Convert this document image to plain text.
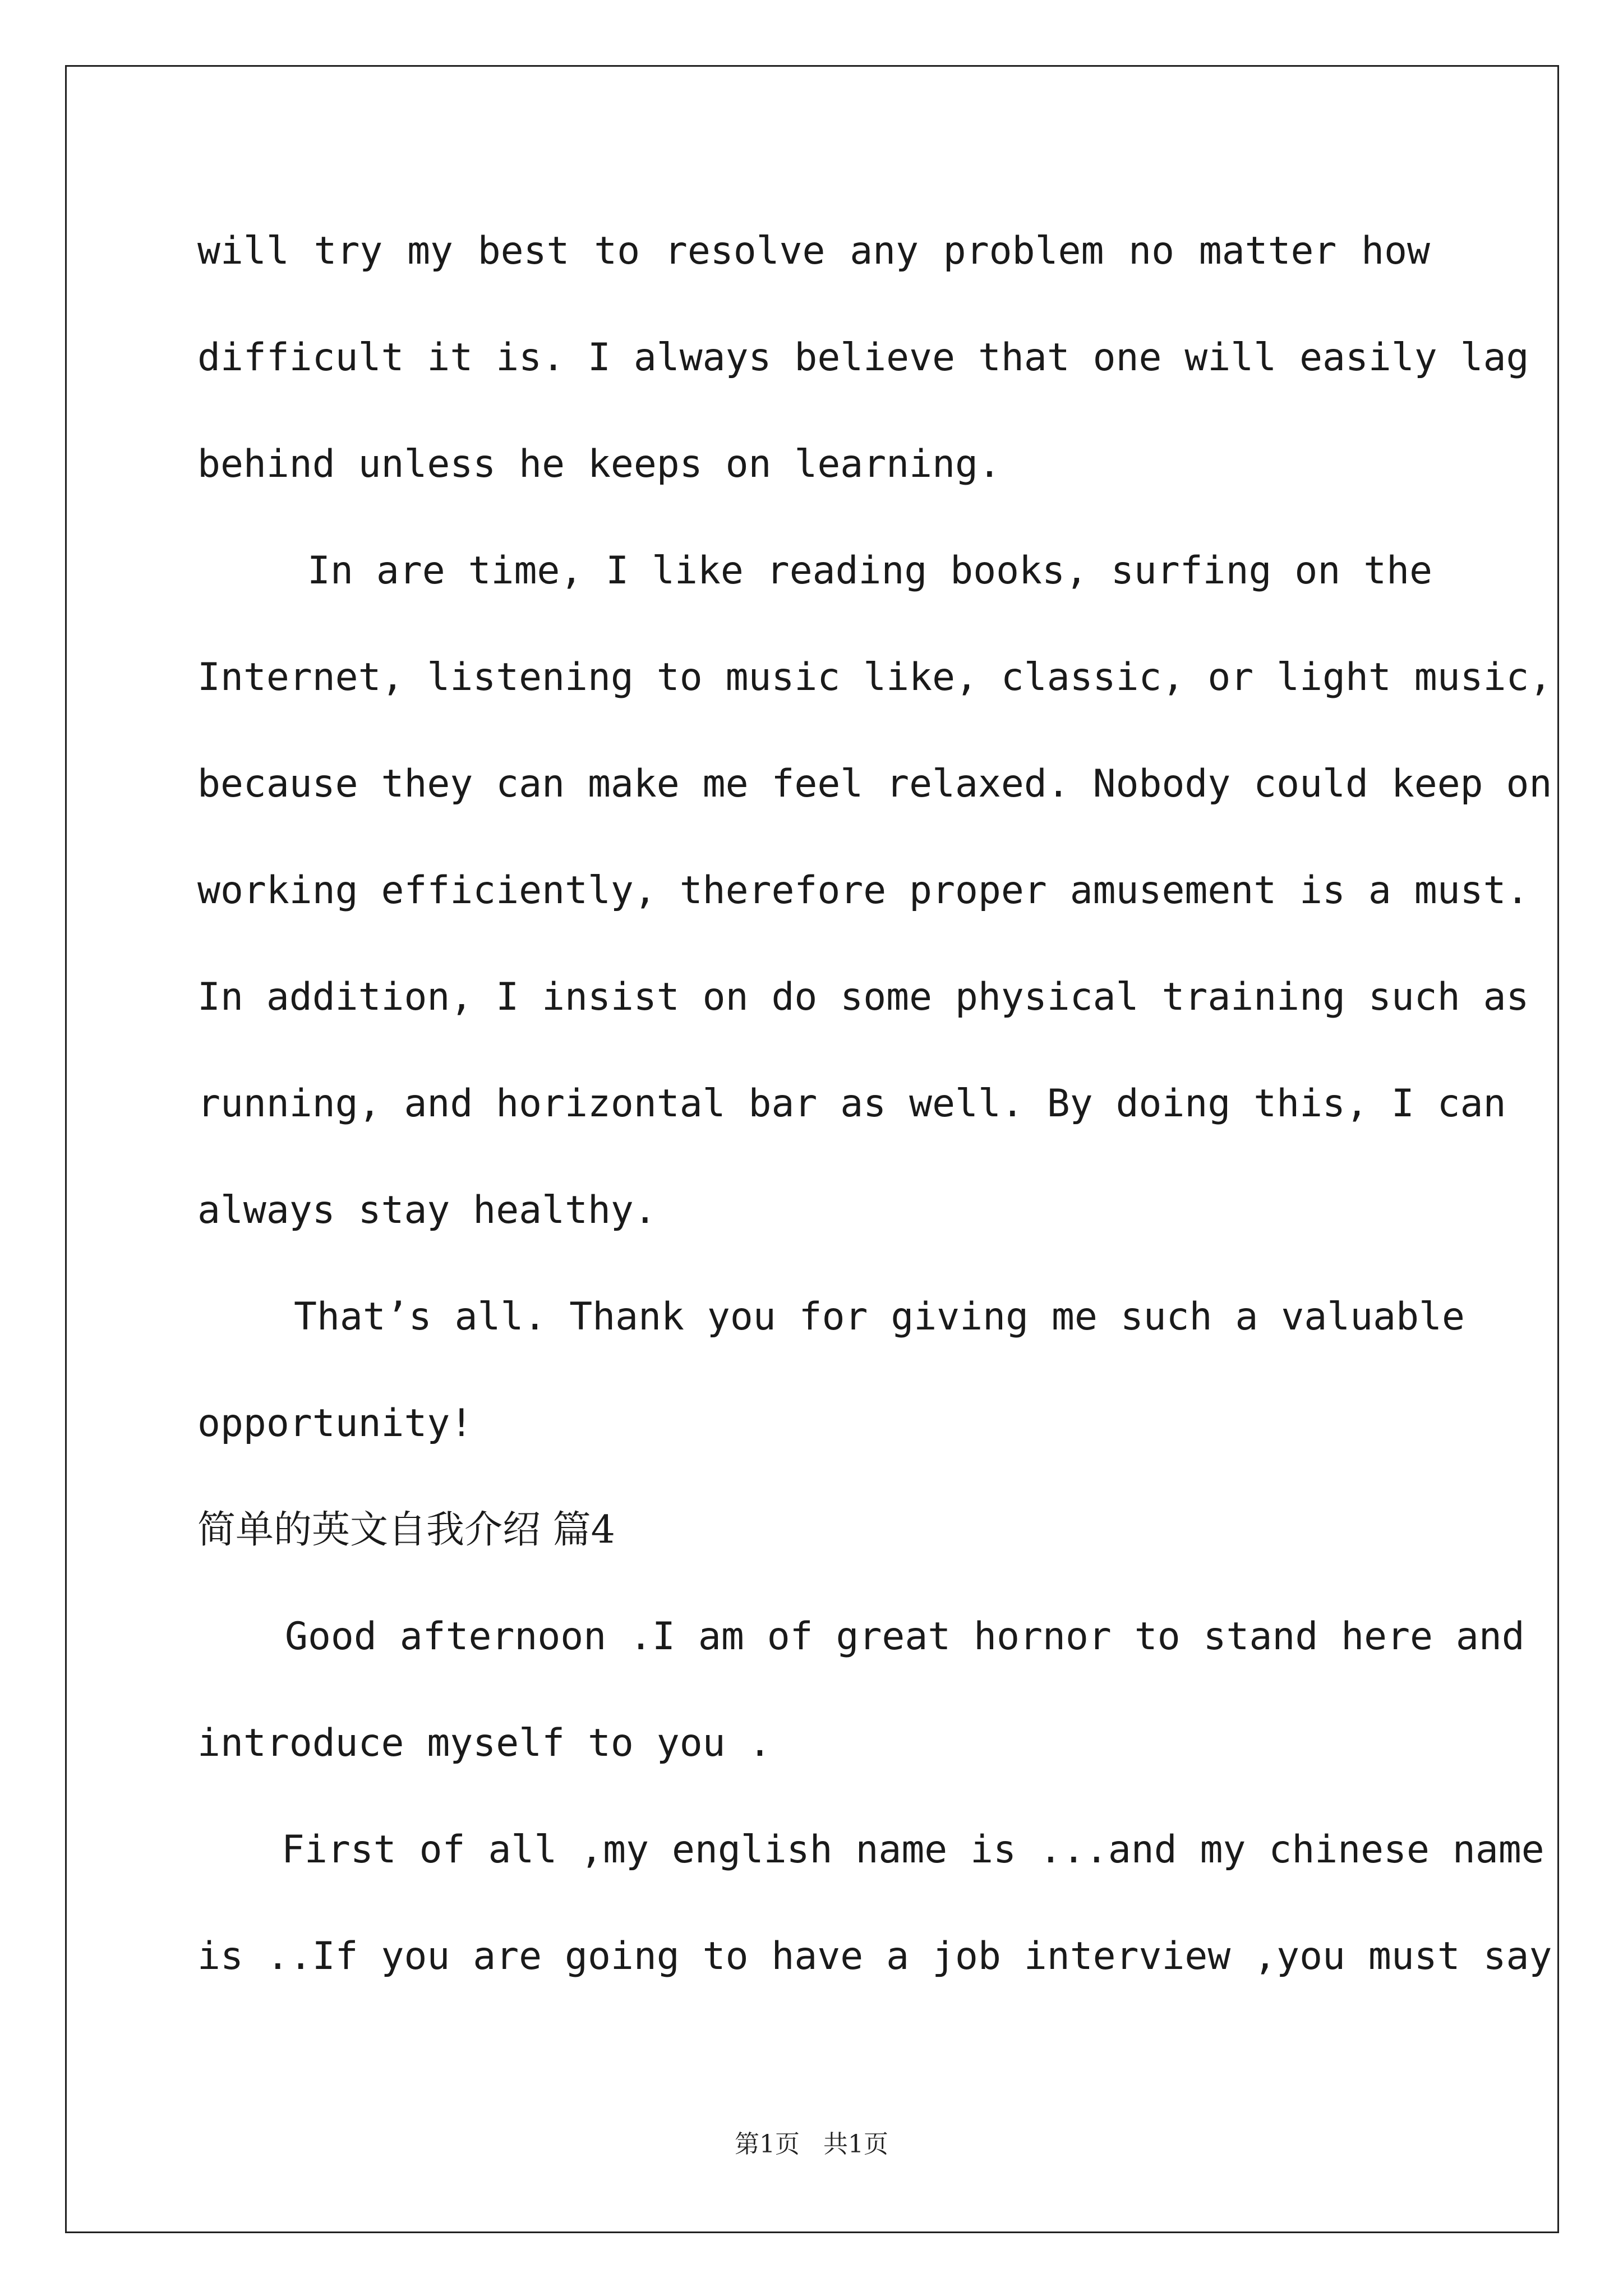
will try my best to resolve any problem no matter how
difficult it is. I always believe that one will easily lag
behind unless he keeps on learning.
In are time, I like reading books, surfing on the
Internet, listening to music like, classic, or light music,
because they can make me feel relaxed. Nobody could keep on
working efficiently, therefore proper amusement is a must.
In addition, I insist on do some physical training such as
running, and horizontal bar as well. By doing this, I can
always stay healthy.
That’s all. Thank you for giving me such a valuable
opportunity!
简单的英文自我介绍 篇4
Good afternoon .I am of great hornor to stand here and
introduce myself to you .
First of all ,my english name is ...and my chinese name
is ..If you are going to have a job interview ,you must say
第1页   共1页
